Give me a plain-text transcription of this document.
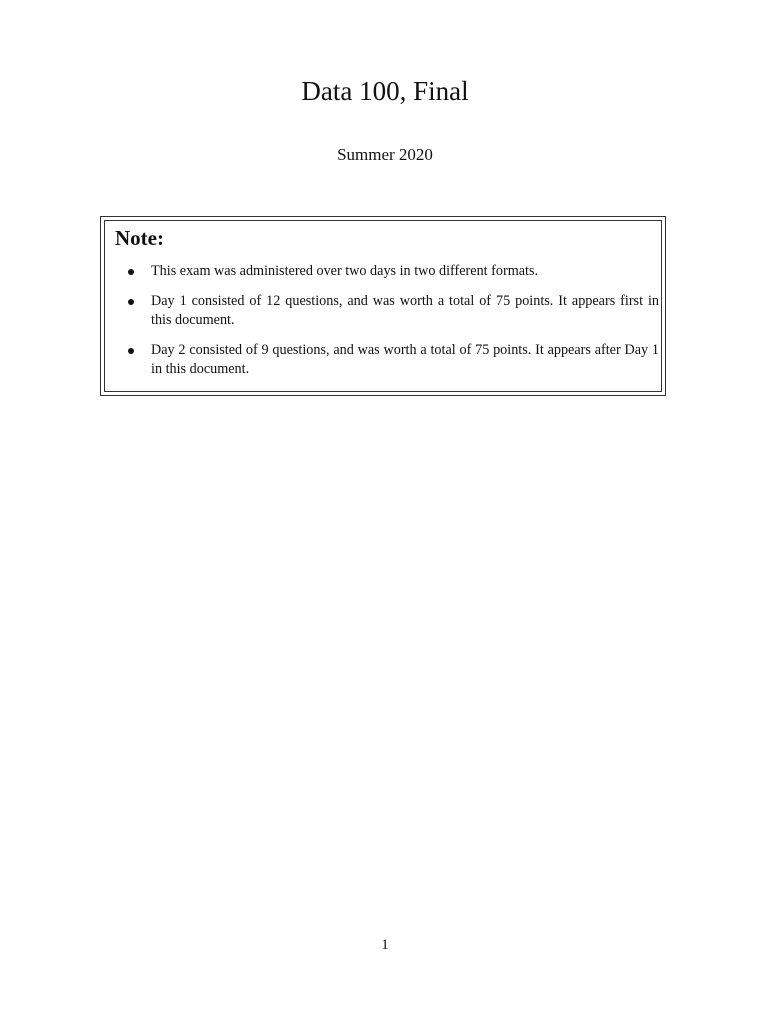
Data 100, Final
Summer 2020
Note:
This exam was administered over two days in two different formats.
Day 1 consisted of 12 questions, and was worth a total of 75 points. It appears first in this document.
Day 2 consisted of 9 questions, and was worth a total of 75 points. It appears after Day 1 in this document.
1
